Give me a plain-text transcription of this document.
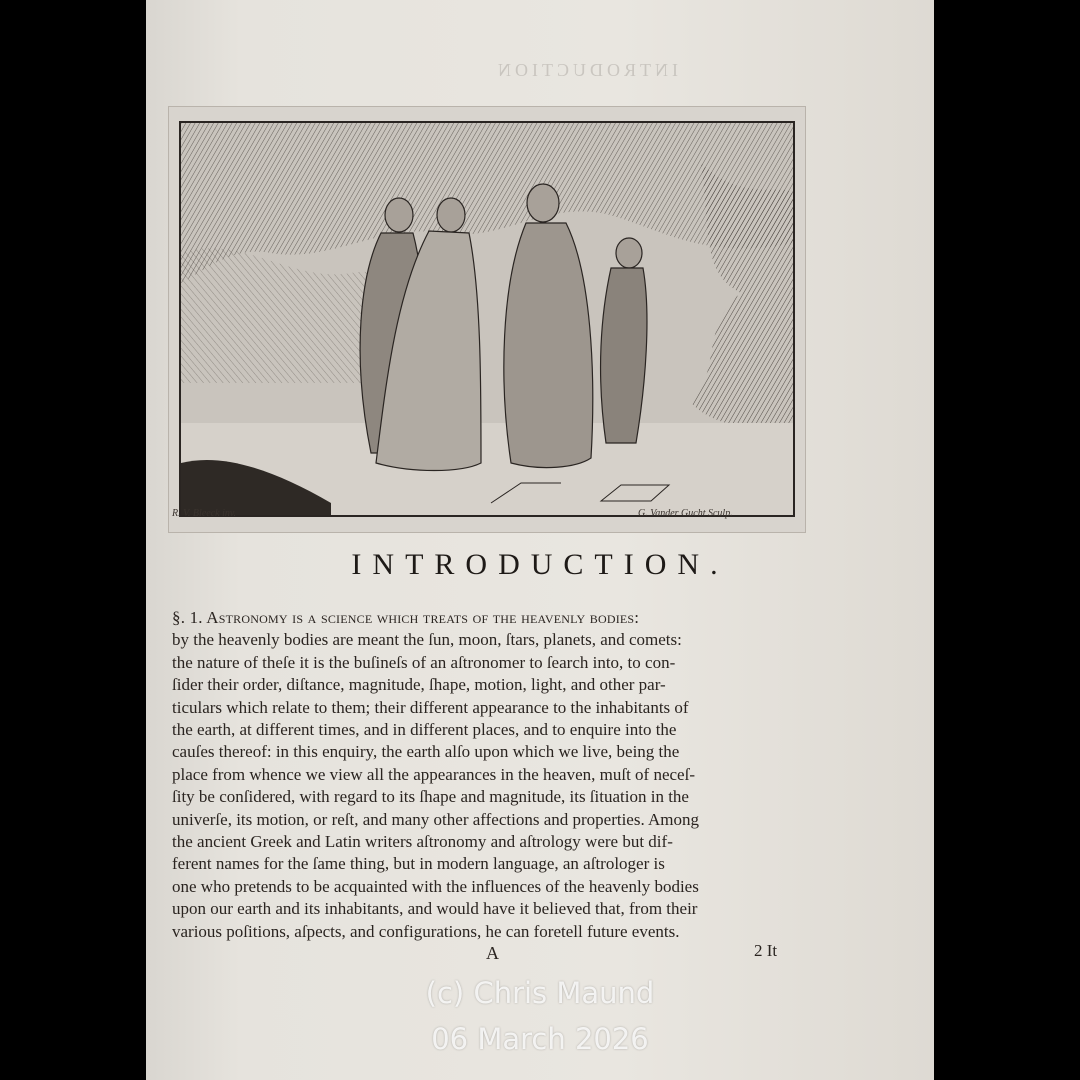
INTRODUCTION
R. V. Bleeck inv.	G. Vander Gucht Sculp.
INTRODUCTION.
§. 1. Astronomy is a science which treats of the heavenly bodies:
by the heavenly bodies are meant the ſun, moon, ſtars, planets, and comets:
the nature of theſe it is the buſineſs of an aſtronomer to ſearch into, to con-
ſider their order, diſtance, magnitude, ſhape, motion, light, and other par-
ticulars which relate to them; their different appearance to the inhabitants of
the earth, at different times, and in different places, and to enquire into the
cauſes thereof: in this enquiry, the earth alſo upon which we live, being the
place from whence we view all the appearances in the heaven, muſt of neceſ-
ſity be conſidered, with regard to its ſhape and magnitude, its ſituation in the
univerſe, its motion, or reſt, and many other affections and properties. Among
the ancient Greek and Latin writers aſtronomy and aſtrology were but dif-
ferent names for the ſame thing, but in modern language, an aſtrologer is
one who pretends to be acquainted with the influences of the heavenly bodies
upon our earth and its inhabitants, and would have it believed that, from their
various poſitions, aſpects, and configurations, he can foretell future events.
A	2 It
(c) Chris Maund
06 March 2026
